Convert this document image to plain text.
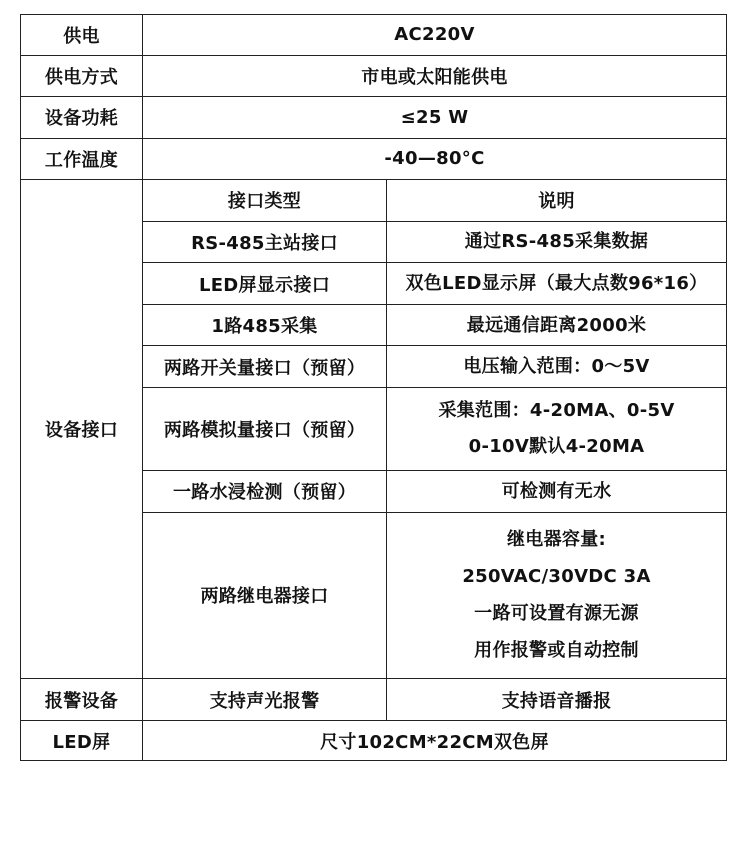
供电	AC220V	
供电方式	市电或太阳能供电	
设备功耗	≤25 W	
工作温度	-40—80°C	
设备接口	接口类型	说明
	RS-485主站接口	通过RS-485采集数据

	LED屏显示接口	双色LED显示屏（最大点数96*16）

	1路485采集	最远通信距离2000米

	两路开关量接口（预留）	电压输入范围：0～5V

	两路模拟量接口（预留）	采集范围：4-20MA、0-5V
0-10V默认4-20MA

	一路水浸检测（预留）	可检测有无水

	两路继电器接口	继电器容量:
250VAC/30VDC 3A
一路可设置有源无源
用作报警或自动控制

报警设备	支持声光报警	支持语音播报
LED屏	尺寸102CM*22CM双色屏	
